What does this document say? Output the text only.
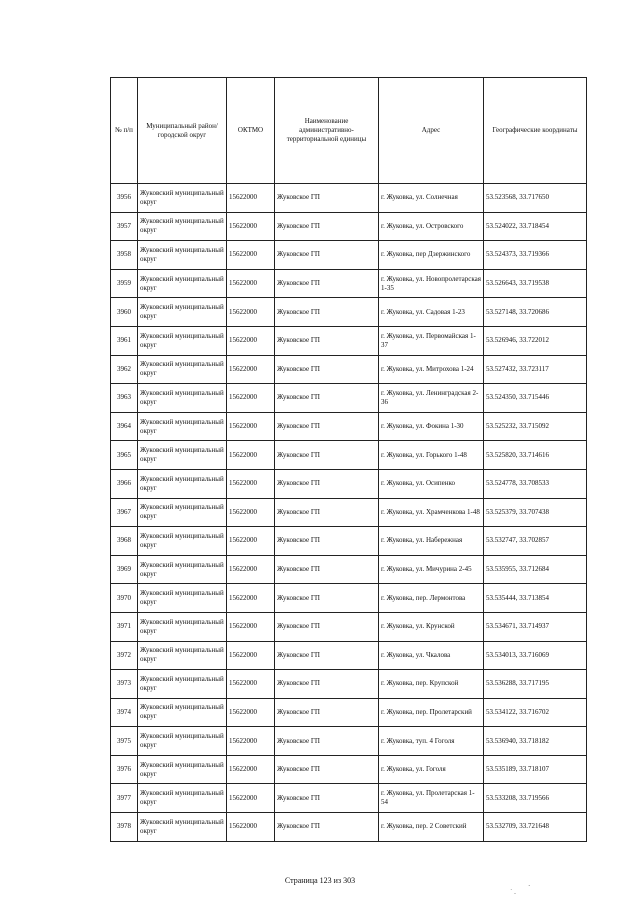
№ п/п	Муниципальный район/городской округ	ОКТМО	Наименование административно-территориальной единицы	Адрес	Географические координаты
3956	Жуковский муниципальный округ	15622000	Жуковское ГП	г. Жуковка, ул. Солнечная	53.523568, 33.717650
3957	Жуковский муниципальный округ	15622000	Жуковское ГП	г. Жуковка, ул. Островского	53.524022, 33.718454
3958	Жуковский муниципальный округ	15622000	Жуковское ГП	г. Жуковка, пер Дзержинского	53.524373, 33.719366
3959	Жуковский муниципальный округ	15622000	Жуковское ГП	г. Жуковка, ул. Новопролетарская 1-35	53.526643, 33.719538
3960	Жуковский муниципальный округ	15622000	Жуковское ГП	г. Жуковка, ул. Садовая 1-23	53.527148, 33.720686
3961	Жуковский муниципальный округ	15622000	Жуковское ГП	г. Жуковка, ул. Первомайская 1-37	53.526946, 33.722012
3962	Жуковский муниципальный округ	15622000	Жуковское ГП	г. Жуковка, ул. Митрохова 1-24	53.527432, 33.723117
3963	Жуковский муниципальный округ	15622000	Жуковское ГП	г. Жуковка, ул. Ленинградская 2-36	53.524350, 33.715446
3964	Жуковский муниципальный округ	15622000	Жуковское ГП	г. Жуковка, ул. Фокина 1-30	53.525232, 33.715092
3965	Жуковский муниципальный округ	15622000	Жуковское ГП	г. Жуковка, ул. Горького 1-48	53.525820, 33.714616
3966	Жуковский муниципальный округ	15622000	Жуковское ГП	г. Жуковка, ул. Осипенко	53.524778, 33.708533
3967	Жуковский муниципальный округ	15622000	Жуковское ГП	г. Жуковка, ул. Храмченкова 1-48	53.525379, 33.707438
3968	Жуковский муниципальный округ	15622000	Жуковское ГП	г. Жуковка, ул. Набережная	53.532747, 33.702857
3969	Жуковский муниципальный округ	15622000	Жуковское ГП	г. Жуковка, ул. Мичурина 2-45	53.535955, 33.712684
3970	Жуковский муниципальный округ	15622000	Жуковское ГП	г. Жуковка, пер. Лермонтова	53.535444, 33.713854
3971	Жуковский муниципальный округ	15622000	Жуковское ГП	г. Жуковка, ул. Крунской	53.534671, 33.714937
3972	Жуковский муниципальный округ	15622000	Жуковское ГП	г. Жуковка, ул. Чкалова	53.534013, 33.716069
3973	Жуковский муниципальный округ	15622000	Жуковское ГП	г. Жуковка, пер. Крупской	53.536288, 33.717195
3974	Жуковский муниципальный округ	15622000	Жуковское ГП	г. Жуковка, пер. Пролетарский	53.534122, 33.716702
3975	Жуковский муниципальный округ	15622000	Жуковское ГП	г. Жуковка, туп. 4 Гоголя	53.536940, 33.718182
3976	Жуковский муниципальный округ	15622000	Жуковское ГП	г. Жуковка, ул. Гоголя	53.535189, 33.718107
3977	Жуковский муниципальный округ	15622000	Жуковское ГП	г. Жуковка, ул. Пролетарская 1-54	53.533208, 33.719566
3978	Жуковский муниципальный округ	15622000	Жуковское ГП	г. Жуковка, пер. 2 Советский	53.532709, 33.721648
Страница 123 из 303
˙ .
·
